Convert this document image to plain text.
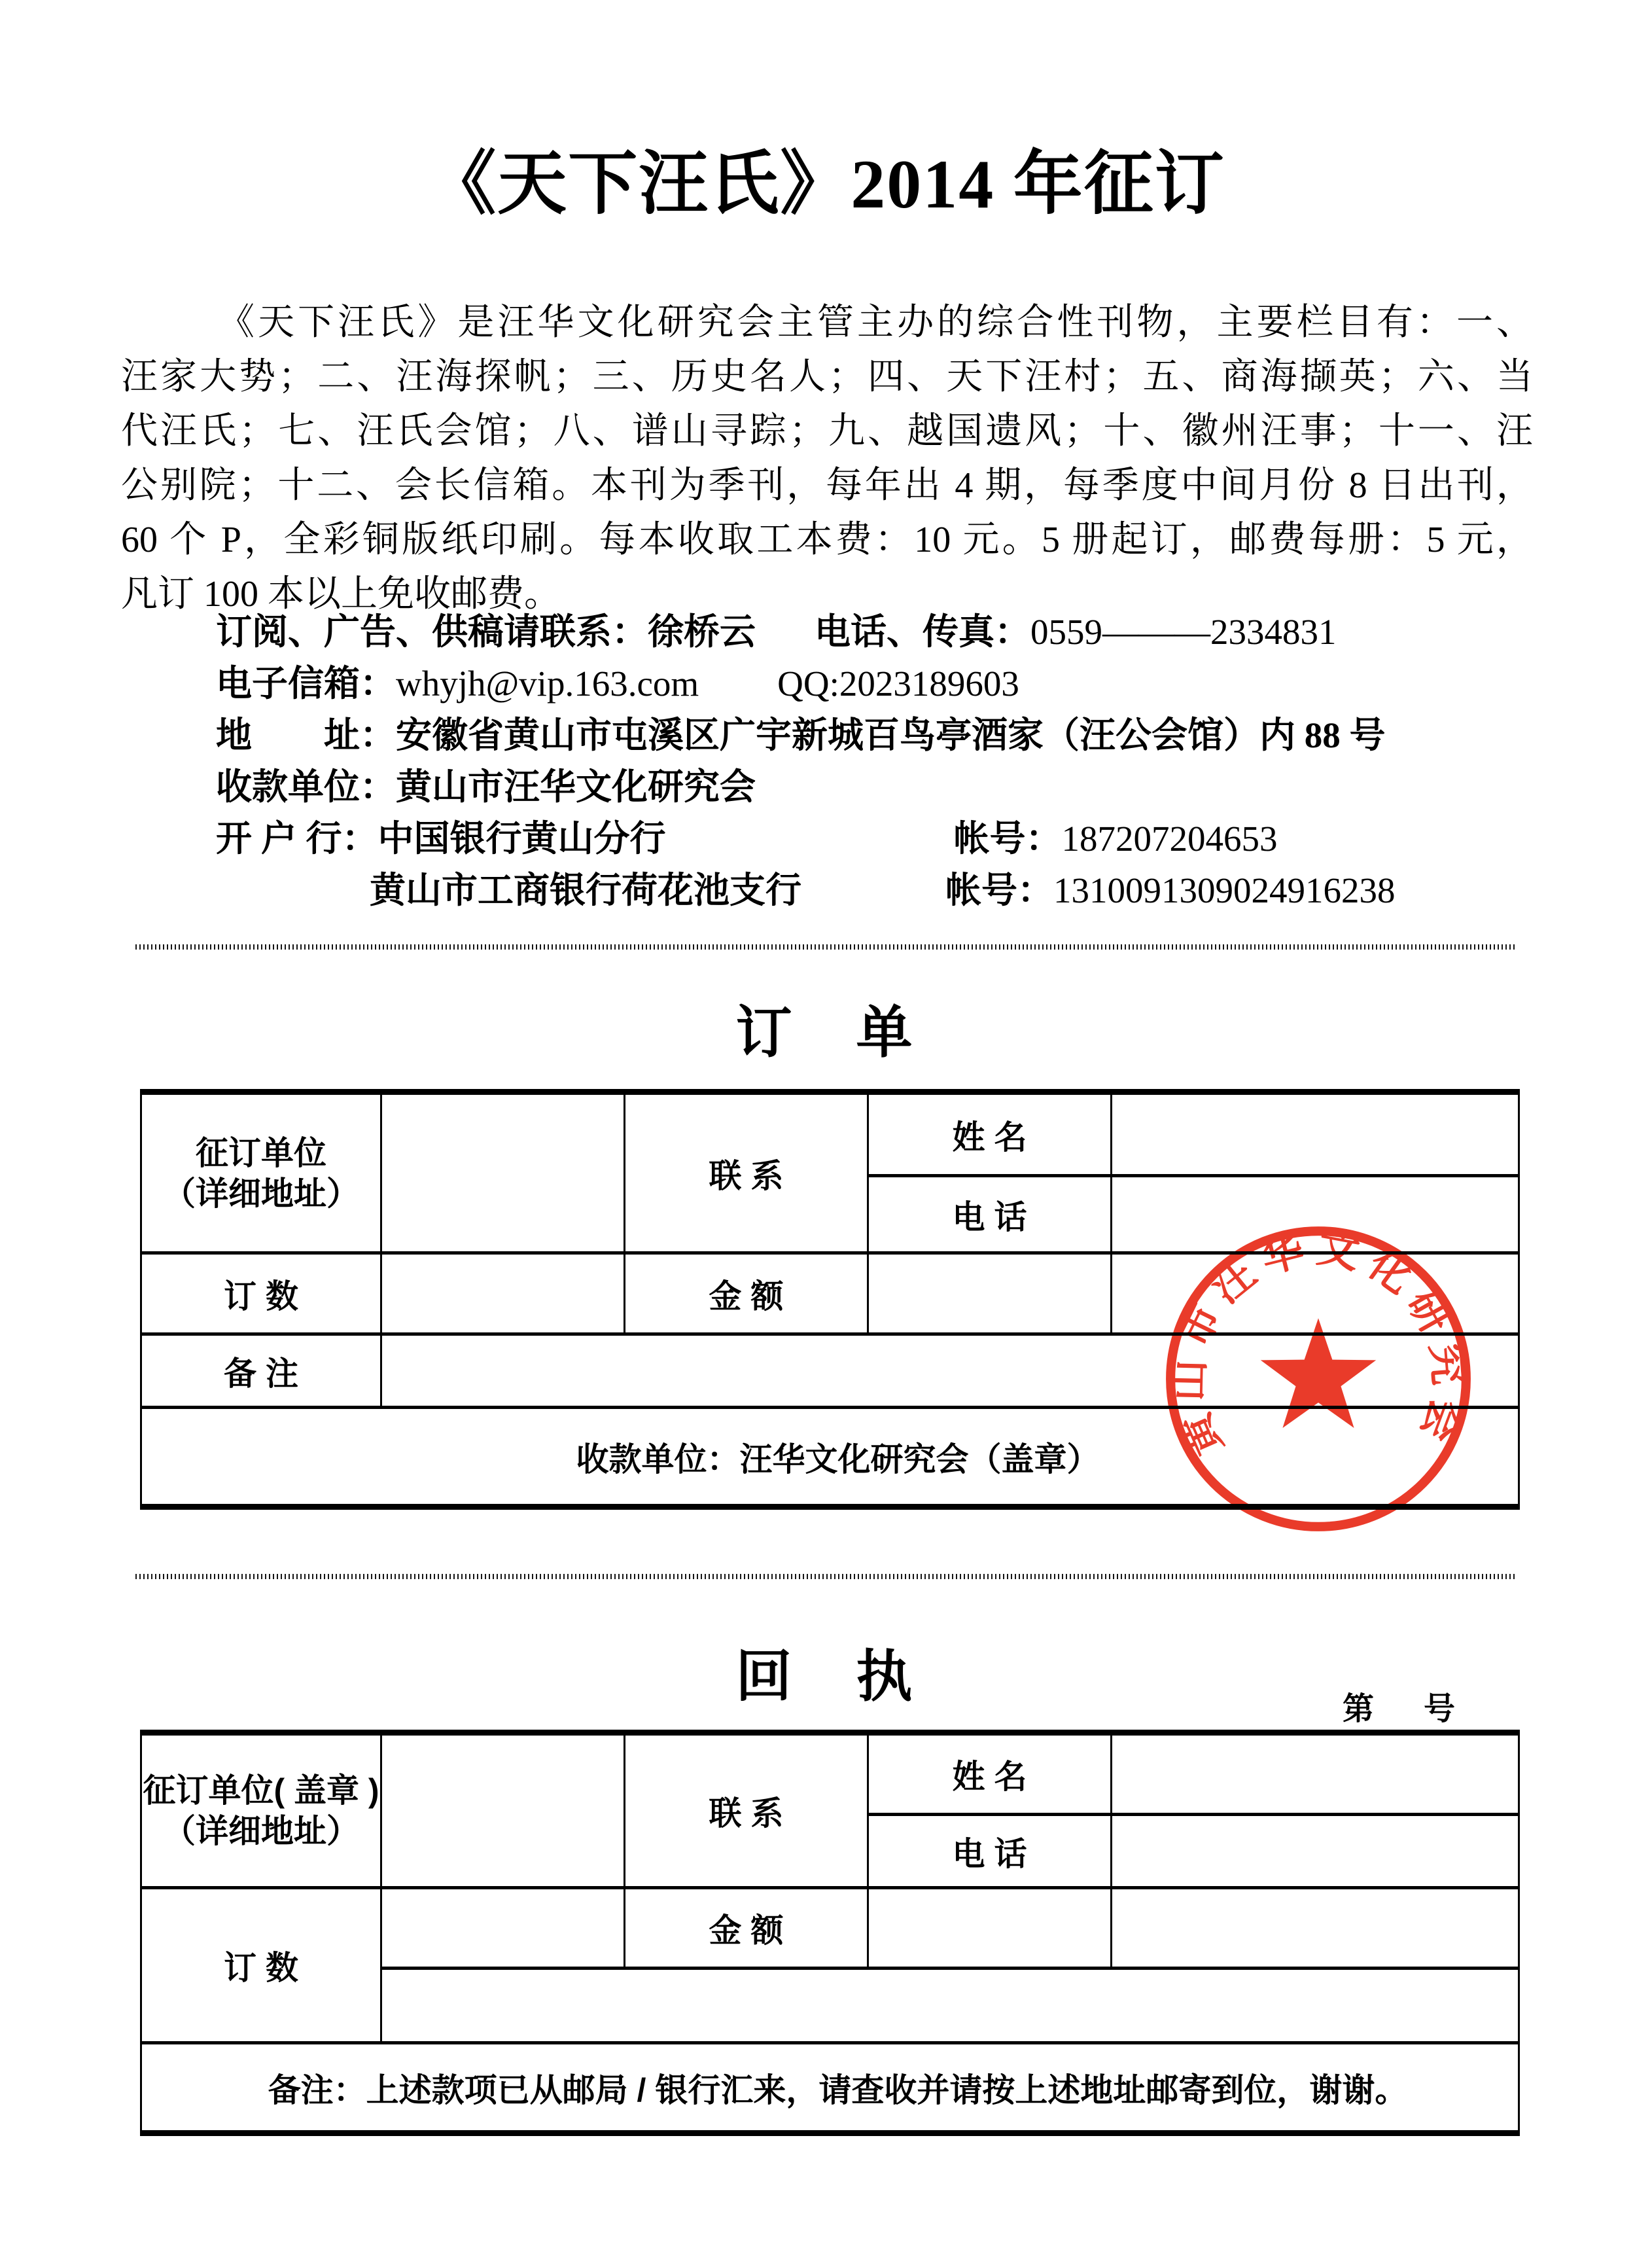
《天下汪氏》2014 年征订
《天下汪氏》是汪华文化研究会主管主办的综合性刊物，主要栏目有：一、
汪家大势；二、汪海探帆；三、历史名人；四、天下汪村；五、商海撷英；六、当
代汪氏；七、汪氏会馆；八、谱山寻踪；九、越国遗风；十、徽州汪事；十一、汪
公别院；十二、会长信箱。本刊为季刊，每年出 4 期，每季度中间月份 8 日出刊，
60 个 P，全彩铜版纸印刷。每本收取工本费：10 元。5 册起订，邮费每册：5 元，
凡订 100 本以上免收邮费。
订阅、广告、供稿请联系：徐桥云 电话、传真：0559———2334831
电子信箱：whyjh@vip.163.com QQ:2023189603
地　　址：安徽省黄山市屯溪区广宇新城百鸟亭酒家（汪公会馆）内 88 号
收款单位：黄山市汪华文化研究会
开 户 行：中国银行黄山分行	帐号：187207204653
黄山市工商银行荷花池支行	帐号：1310091309024916238
订　单
征订单位
（详细地址）		联 系	姓 名	
			电 话	
订 数		金 额		
备 注				
收款单位：汪华文化研究会（盖章）				黄山市汪华文化研究会
回　执
第　号
征订单位( 盖章 )
（详细地址）		联 系	姓 名	
			电 话	
订 数		金 额		

备注：上述款项已从邮局 / 银行汇来，请查收并请按上述地址邮寄到位，谢谢。				
